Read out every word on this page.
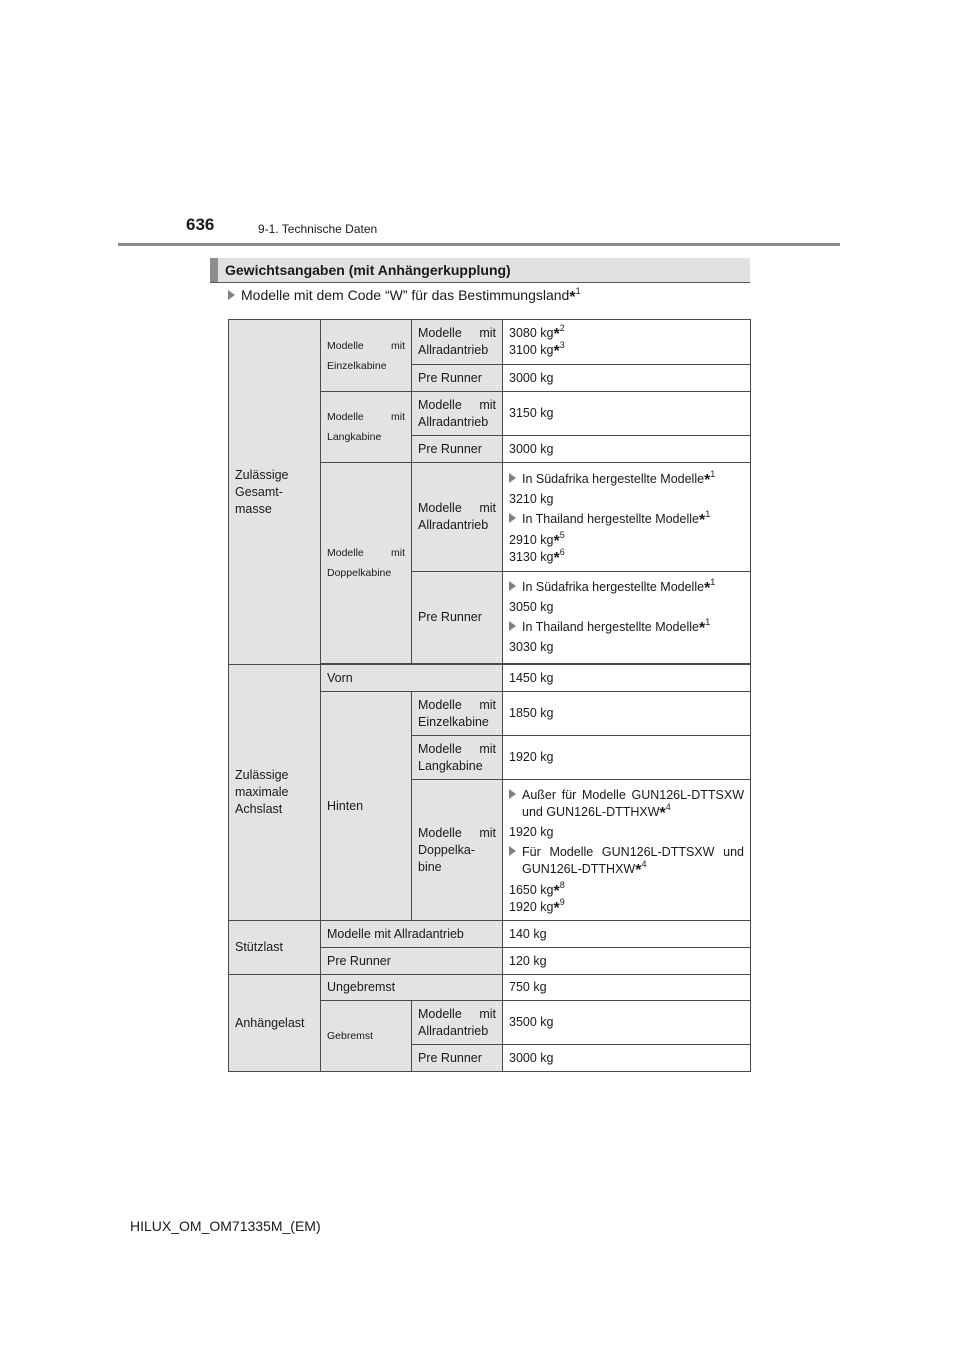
636	9-1. Technische Daten
Gewichtsangaben (mit Anhängerkupplung)
Modelle mit dem Code “W” für das Bestimmungsland*$^1$
Zulässige
Gesamt-
masse	Modelle mit
Einzelkabine	Modelle mit
Allradantrieb	3080 kg*$^2$
3100 kg*$^3$

		Pre Runner	3000 kg

	Modelle mit
Langkabine	Modelle mit
Allradantrieb	3150 kg
		Pre Runner	3000 kg

	Modelle mit
Doppelkabine	Modelle mit
Allradantrieb	In Südafrika hergestellte Modelle*$^1$
3210 kg
In Thailand hergestellte Modelle*$^1$
2910 kg*$^5$
3130 kg*$^6$

		Pre Runner	In Südafrika hergestellte Modelle*$^1$
3050 kg
In Thailand hergestellte Modelle*$^1$
3030 kg

Zulässige
maximale
Achslast	Vorn		1450 kg
	Hinten	Modelle mit
Einzelkabine	1850 kg

		Modelle mit
Langkabine	1920 kg

		Modelle mit
Doppelka-
bine	Außer für Modelle GUN126L-DTTSXW und GUN126L-DTTHXW*$^4$
1920 kg
Für Modelle GUN126L-DTTSXW und GUN126L-DTTHXW*$^4$
1650 kg*$^8$
1920 kg*$^9$

Stützlast	Modelle mit Allradantrieb		140 kg
	Pre Runner		120 kg
Anhängelast	Ungebremst		750 kg
	Gebremst	Modelle mit
Allradantrieb	3500 kg
		Pre Runner	3000 kg
HILUX_OM_OM71335M_(EM)
